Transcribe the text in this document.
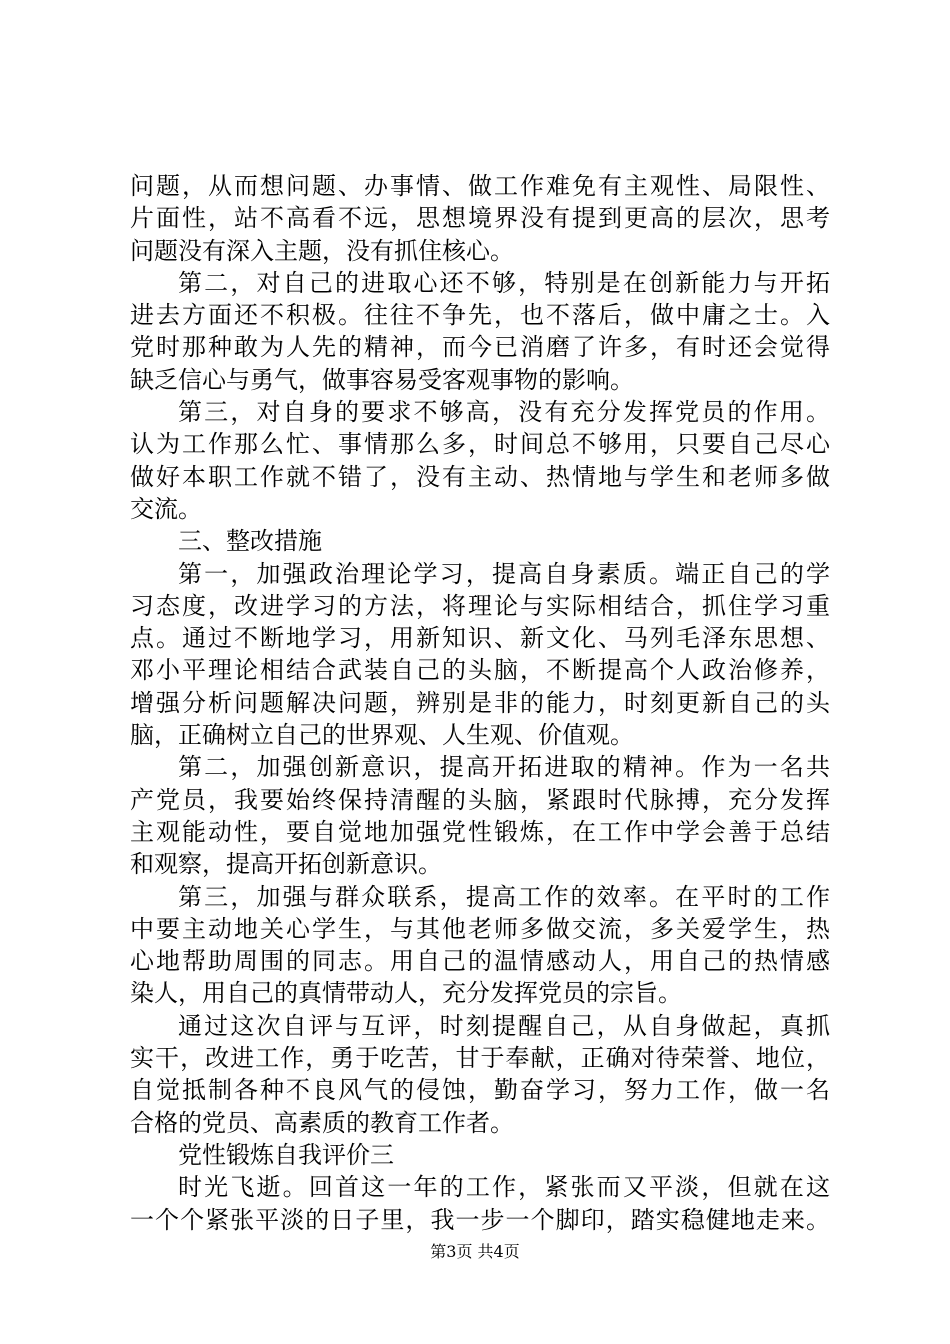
问题，从而想问题、办事情、做工作难免有主观性、局限性、
片面性，站不高看不远，思想境界没有提到更高的层次，思考
问题没有深入主题，没有抓住核心。
第二，对自己的进取心还不够，特别是在创新能力与开拓
进去方面还不积极。往往不争先，也不落后，做中庸之士。入
党时那种敢为人先的精神，而今已消磨了许多，有时还会觉得
缺乏信心与勇气，做事容易受客观事物的影响。
第三，对自身的要求不够高，没有充分发挥党员的作用。
认为工作那么忙、事情那么多，时间总不够用，只要自己尽心
做好本职工作就不错了，没有主动、热情地与学生和老师多做
交流。
三、整改措施
第一，加强政治理论学习，提高自身素质。端正自己的学
习态度，改进学习的方法，将理论与实际相结合，抓住学习重
点。通过不断地学习，用新知识、新文化、马列毛泽东思想、
邓小平理论相结合武装自己的头脑，不断提高个人政治修养，
增强分析问题解决问题，辨别是非的能力，时刻更新自己的头
脑，正确树立自己的世界观、人生观、价值观。
第二，加强创新意识，提高开拓进取的精神。作为一名共
产党员，我要始终保持清醒的头脑，紧跟时代脉搏，充分发挥
主观能动性，要自觉地加强党性锻炼，在工作中学会善于总结
和观察，提高开拓创新意识。
第三，加强与群众联系，提高工作的效率。在平时的工作
中要主动地关心学生，与其他老师多做交流，多关爱学生，热
心地帮助周围的同志。用自己的温情感动人，用自己的热情感
染人，用自己的真情带动人，充分发挥党员的宗旨。
通过这次自评与互评，时刻提醒自己，从自身做起，真抓
实干，改进工作，勇于吃苦，甘于奉献，正确对待荣誉、地位，
自觉抵制各种不良风气的侵蚀，勤奋学习，努力工作，做一名
合格的党员、高素质的教育工作者。
党性锻炼自我评价三
时光飞逝。回首这一年的工作，紧张而又平淡，但就在这
一个个紧张平淡的日子里，我一步一个脚印，踏实稳健地走来。
第3页 共4页
